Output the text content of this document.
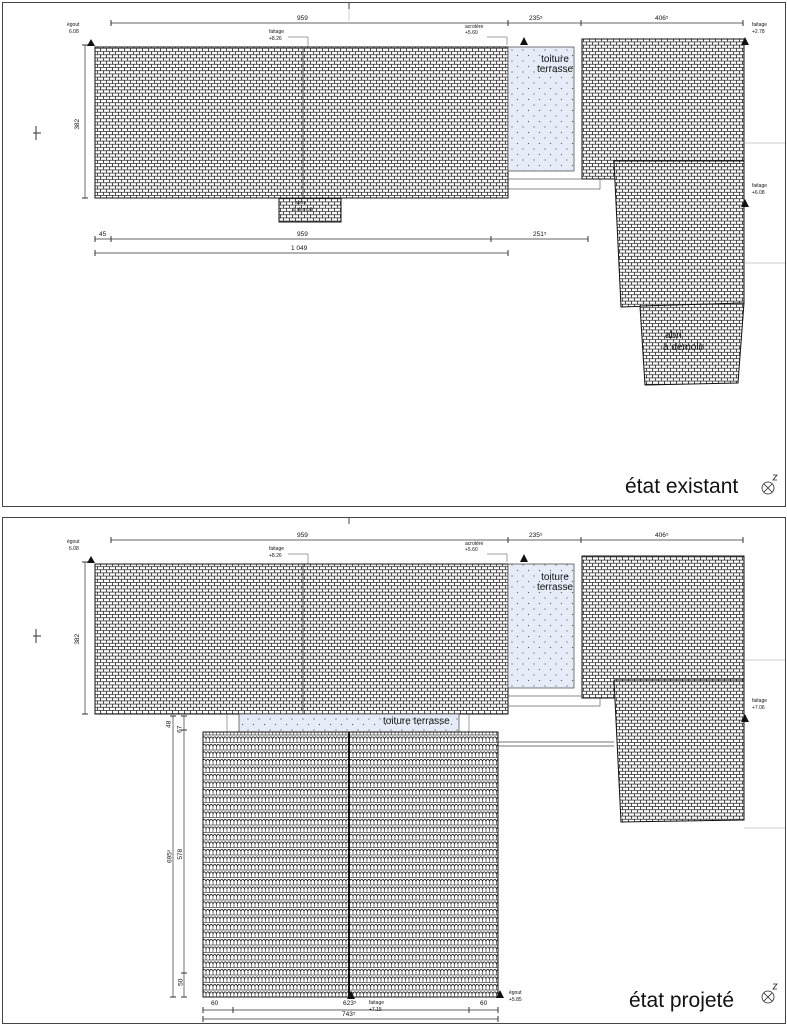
égout
6.08	faitage
+8.26
acrotère
+5.60
faitage
+2.78
faitage
+6.08
959	235⁵	406⁵
382
45	959	251⁵
1 049
toiture terrasse
abris
à démolir
abri
à démolir
état existant
égout
6.08	faitage
+8.26
acrotère
+5.60
faitage
+7.06
faitage
+7.15
égout
+5.85
959	235⁵	406⁵
382
48
67
695⁵ 578
50
60	623⁵	60
743⁵
toiture terrasse
toiture terrasse
état projeté
